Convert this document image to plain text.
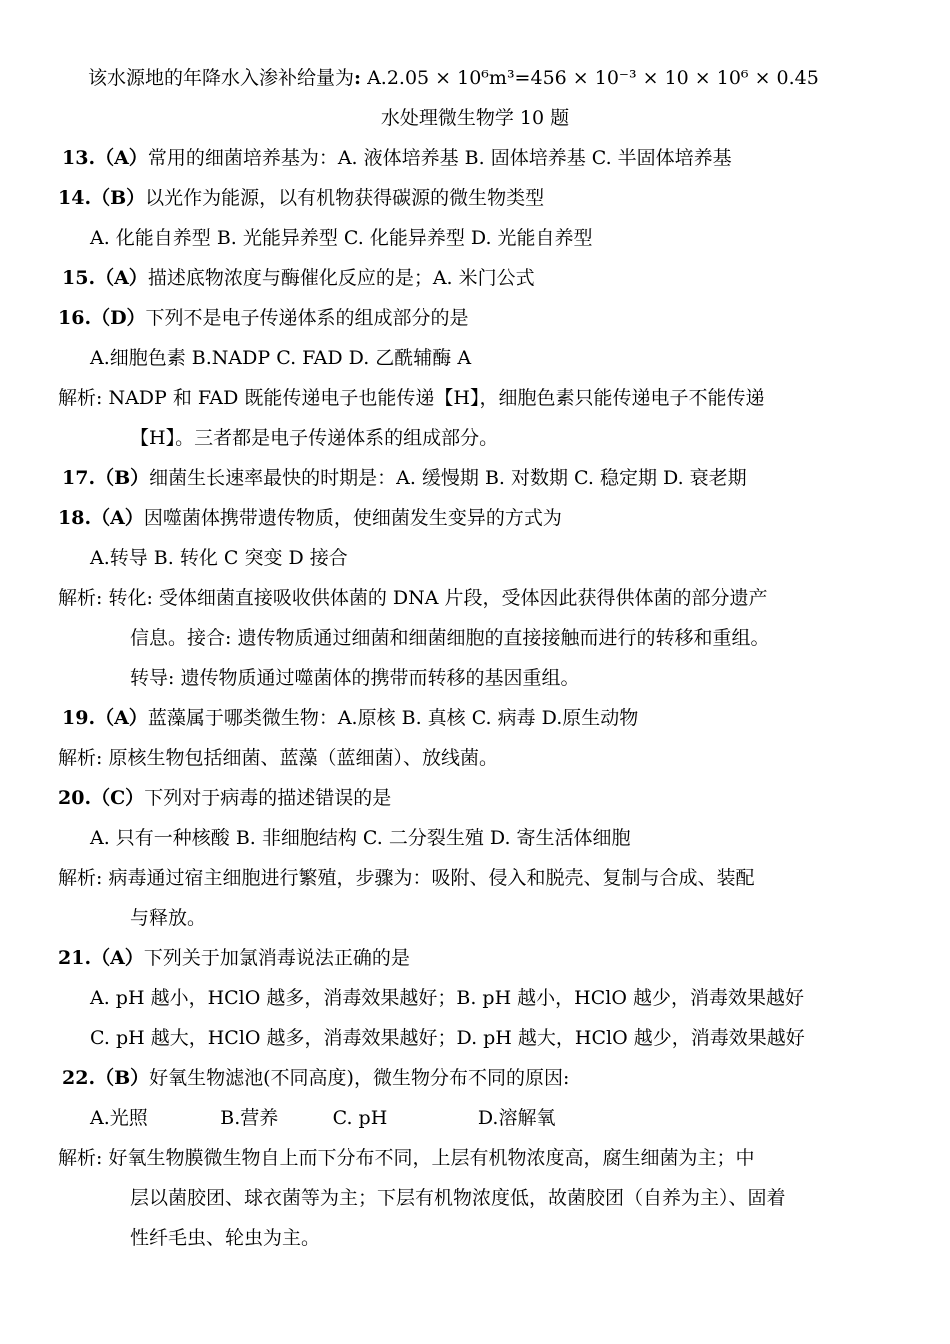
该水源地的年降水入渗补给量为: A.2.05 × 10⁶m³=456 × 10⁻³ × 10 × 10⁶ × 0.45
水处理微生物学 10 题
13.（A）常用的细菌培养基为：A. 液体培养基 B. 固体培养基 C. 半固体培养基
14.（B）以光作为能源，以有机物获得碳源的微生物类型
A. 化能自养型 B. 光能异养型 C. 化能异养型 D. 光能自养型
15.（A）描述底物浓度与酶催化反应的是；A. 米门公式
16.（D）下列不是电子传递体系的组成部分的是
A.细胞色素 B.NADP C. FAD D. 乙酰辅酶 A
解析: NADP 和 FAD 既能传递电子也能传递【H】，细胞色素只能传递电子不能传递
【H】。三者都是电子传递体系的组成部分。
17.（B）细菌生长速率最快的时期是：A. 缓慢期 B. 对数期 C. 稳定期 D. 衰老期
18.（A）因噬菌体携带遗传物质，使细菌发生变异的方式为
A.转导 B. 转化 C 突变 D 接合
解析: 转化: 受体细菌直接吸收供体菌的 DNA 片段，受体因此获得供体菌的部分遗产
信息。接合: 遗传物质通过细菌和细菌细胞的直接接触而进行的转移和重组。
转导: 遗传物质通过噬菌体的携带而转移的基因重组。
19.（A）蓝藻属于哪类微生物：A.原核 B. 真核 C. 病毒 D.原生动物
解析: 原核生物包括细菌、蓝藻（蓝细菌）、放线菌。
20.（C）下列对于病毒的描述错误的是
A. 只有一种核酸 B. 非细胞结构 C. 二分裂生殖 D. 寄生活体细胞
解析: 病毒通过宿主细胞进行繁殖，步骤为：吸附、侵入和脱壳、复制与合成、装配
与释放。
21.（A）下列关于加氯消毒说法正确的是
A. pH 越小，HClO 越多，消毒效果越好；B. pH 越小，HClO 越少，消毒效果越好
C. pH 越大，HClO 越多，消毒效果越好；D. pH 越大，HClO 越少，消毒效果越好
22.（B）好氧生物滤池(不同高度)，微生物分布不同的原因:
A.光照            B.营养         C. pH               D.溶解氧
解析: 好氧生物膜微生物自上而下分布不同，上层有机物浓度高，腐生细菌为主；中
层以菌胶团、球衣菌等为主；下层有机物浓度低，故菌胶团（自养为主）、固着
性纤毛虫、轮虫为主。
